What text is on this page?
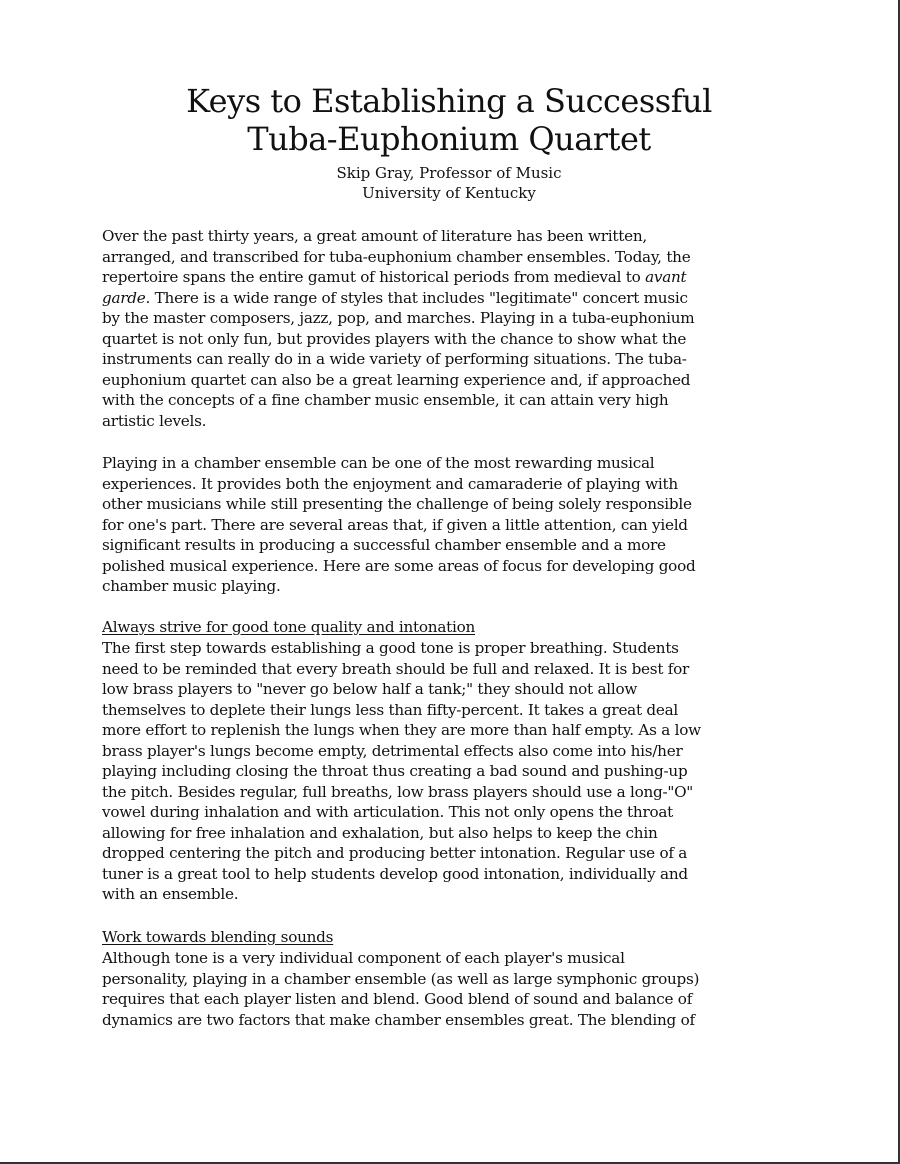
Keys to Establishing a Successful
Tuba-Euphonium Quartet

Skip Gray, Professor of Music

University of Kentucky

Over the past thirty years, a great amount of literature has been written,
arranged, and transcribed for tuba-euphonium chamber ensembles. Today, the
repertoire spans the entire gamut of historical periods from medieval to avant
garde. There is a wide range of styles that includes "legitimate" concert music
by the master composers, jazz, pop, and marches. Playing in a tuba-euphonium
quartet is not only fun, but provides players with the chance to show what the
instruments can really do in a wide variety of performing situations. The tuba-
euphonium quartet can also be a great learning experience and, if approached
with the concepts of a fine chamber music ensemble, it can attain very high
artistic levels.
Playing in a chamber ensemble can be one of the most rewarding musical
experiences. It provides both the enjoyment and camaraderie of playing with
other musicians while still presenting the challenge of being solely responsible
for one's part. There are several areas that, if given a little attention, can yield
significant results in producing a successful chamber ensemble and a more
polished musical experience. Here are some areas of focus for developing good
chamber music playing.
Always strive for good tone quality and intonation
The first step towards establishing a good tone is proper breathing. Students
need to be reminded that every breath should be full and relaxed. It is best for
low brass players to "never go below half a tank;" they should not allow
themselves to deplete their lungs less than fifty-percent. It takes a great deal
more effort to replenish the lungs when they are more than half empty. As a low
brass player's lungs become empty, detrimental effects also come into his/her
playing including closing the throat thus creating a bad sound and pushing-up
the pitch. Besides regular, full breaths, low brass players should use a long-"O"
vowel during inhalation and with articulation. This not only opens the throat
allowing for free inhalation and exhalation, but also helps to keep the chin
dropped centering the pitch and producing better intonation. Regular use of a
tuner is a great tool to help students develop good intonation, individually and
with an ensemble.
Work towards blending sounds
Although tone is a very individual component of each player's musical
personality, playing in a chamber ensemble (as well as large symphonic groups)
requires that each player listen and blend. Good blend of sound and balance of
dynamics are two factors that make chamber ensembles great. The blending of
